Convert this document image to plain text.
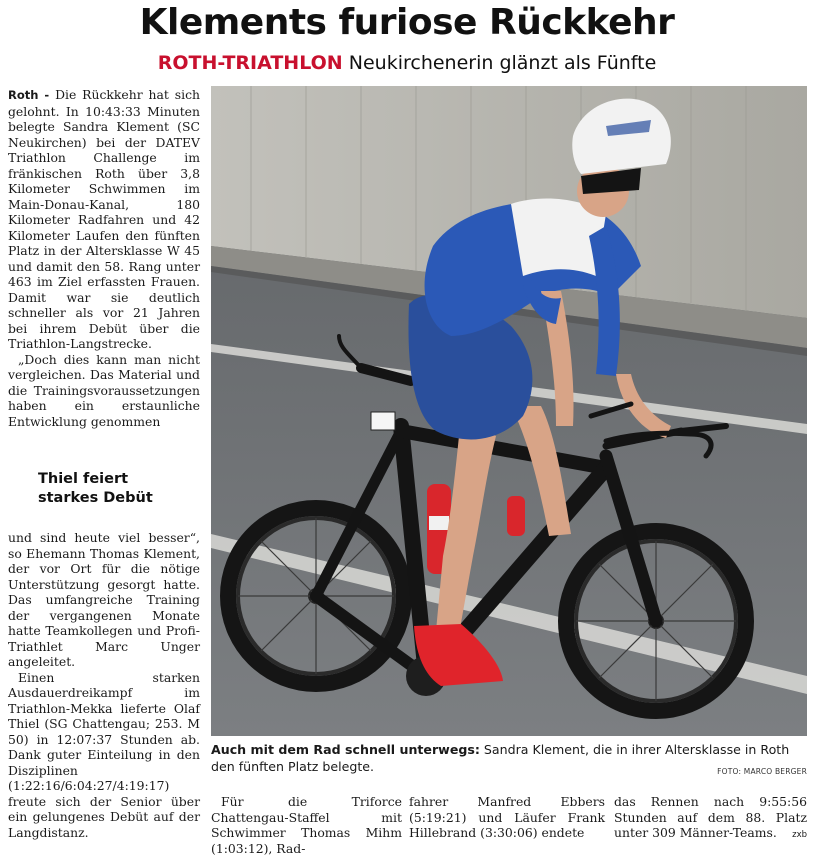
Klements furiose Rückkehr
ROTH-TRIATHLON Neukirchenerin glänzt als Fünfte

Roth - Die Rückkehr hat sich gelohnt. In 10:43:33 Minuten belegte Sandra Klement (SC Neukirchen) bei der DATEV Triathlon Challenge im fränkischen Roth über 3,8 Kilometer Schwimmen im Main-Donau-Kanal, 180 Kilometer Radfahren und 42 Kilometer Laufen den fünften Platz in der Altersklasse W 45 und damit den 58. Rang unter 463 im Ziel erfassten Frauen. Damit war sie deutlich schneller als vor 21 Jahren bei ihrem Debüt über die Triathlon-Langstrecke.

„Doch dies kann man nicht vergleichen. Das Material und die Trainingsvoraussetzungen haben ein erstaunliche Entwicklung genommen

Thiel feiert
starkes Debüt

und sind heute viel besser“, so Ehemann Thomas Klement, der vor Ort für die nötige Unterstützung gesorgt hatte. Das umfangreiche Training der vergangenen Monate hatte Teamkollegen und Profi-Triathlet Marc Unger angeleitet.

Einen starken Ausdauerdreikampf im Triathlon-Mekka lieferte Olaf Thiel (SG Chattengau; 253. M 50) in 12:07:37 Stunden ab. Dank guter Einteilung in den Disziplinen (1:22:16/6:04:27/4:19:17) freute sich der Senior über ein gelungenes Debüt auf der Langdistanz.

Auch mit dem Rad schnell unterwegs: Sandra Klement, die in ihrer Altersklasse in Roth den fünften Platz belegte.	FOTO: MARCO BERGER

Für die Triforce Chattengau-Staffel mit Schwimmer Thomas Mihm (1:03:12), Rad-

fahrer Manfred Ebbers (5:19:21) und Läufer Frank Hillebrand (3:30:06) endete

das Rennen nach 9:55:56 Stunden auf dem 88. Platz unter 309 Männer-Teams. zxb
